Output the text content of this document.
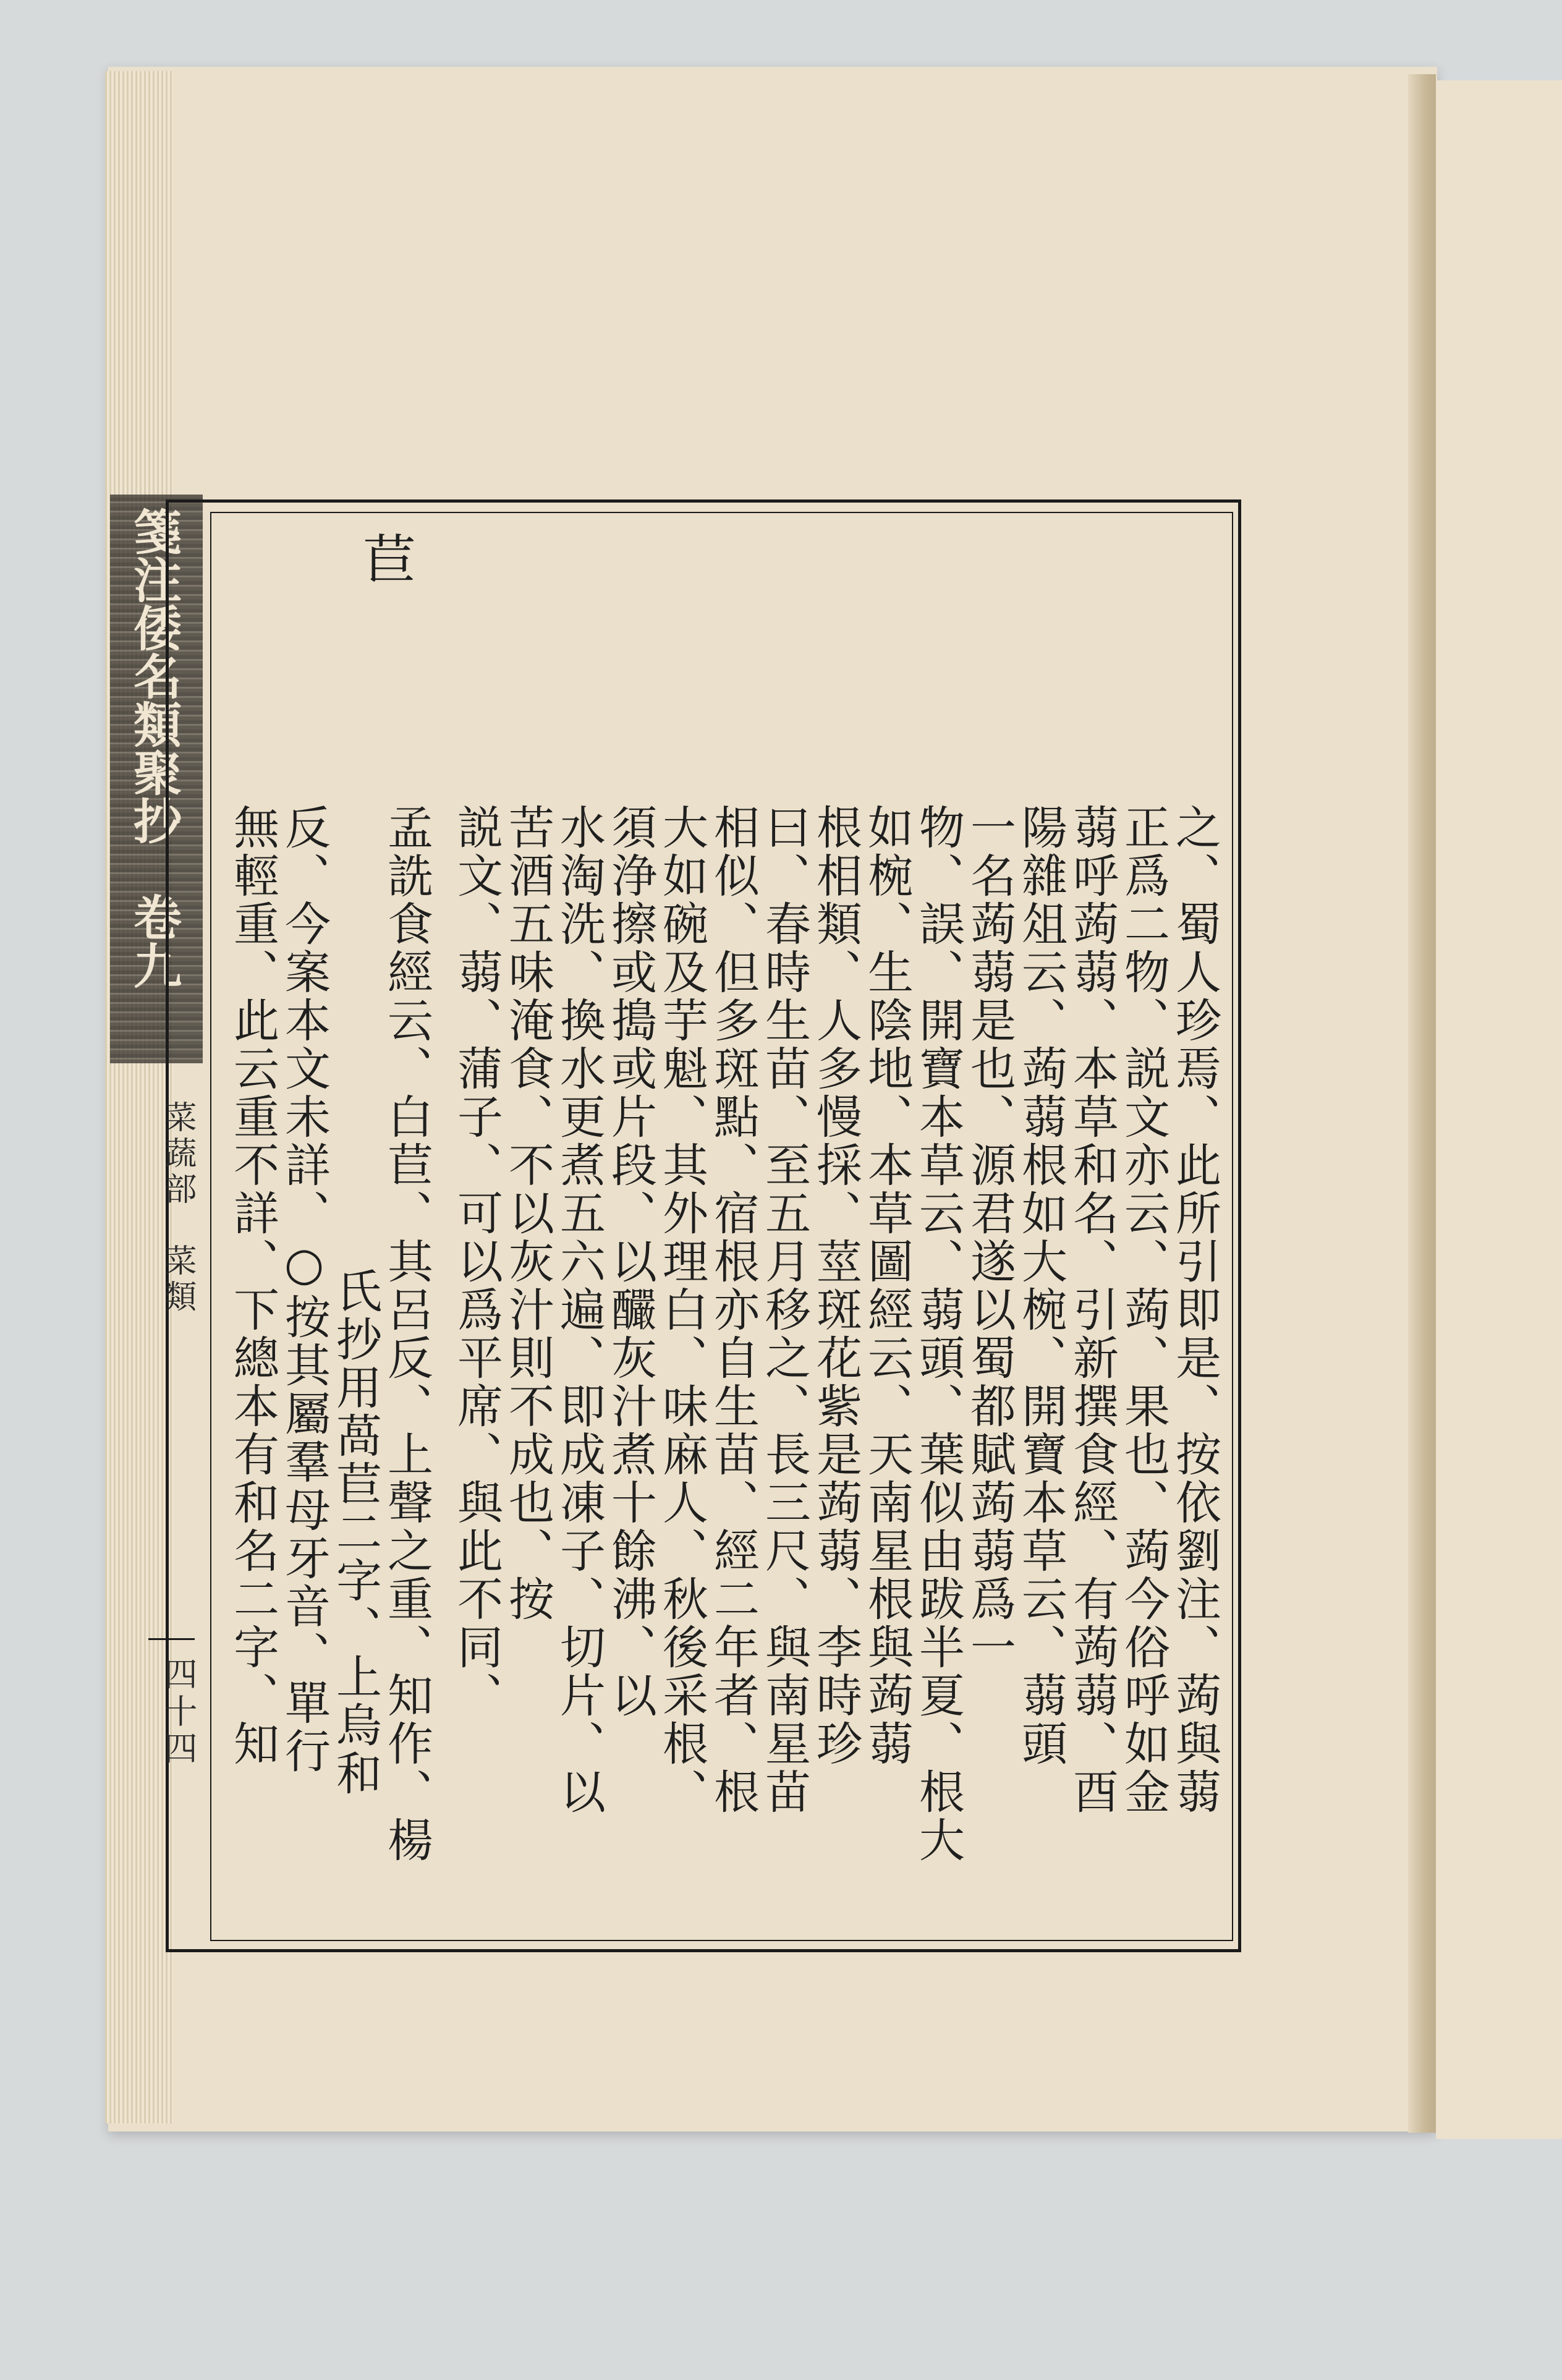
箋注倭名類聚抄　卷九
菜蔬部　菜類
四十四
苣
之、蜀人珍焉、此所引即是、按依劉注、蒟與蒻
正爲二物、説文亦云、蒟、果也、蒟今俗呼如金
蒻呼蒟蒻、本草和名、引新撰食經、有蒟蒻、酉
陽雜俎云、蒟蒻根如大椀、開寶本草云、蒻頭
一名蒟蒻是也、源君遂以蜀都賦蒟蒻爲一
物、誤、開寶本草云、蒻頭、葉似由跋半夏、根大
如椀、生陰地、本草圖經云、天南星根與蒟蒻
根相類、人多慢採、莖斑花紫是蒟蒻、李時珍
曰、春時生苗、至五月移之、長三尺、與南星苗
相似、但多斑點、宿根亦自生苗、經二年者、根
大如碗及芋魁、其外理白、味麻人、秋後采根、
須浄擦或搗或片段、以釅灰汁煮十餘沸、以
水淘洗、換水更煮五六遍、即成凍子、切片、以
苦酒五味淹食、不以灰汁則不成也、按
説文、蒻、蒲子、可以爲平席、與此不同、
孟詵食經云、白苣、其呂反、上聲之重、知作、楊
氏抄用萵苣二字、上烏和
反、今案本文未詳、○按其屬羣母牙音、單行
無輕重、此云重不詳、下總本有和名二字、知
